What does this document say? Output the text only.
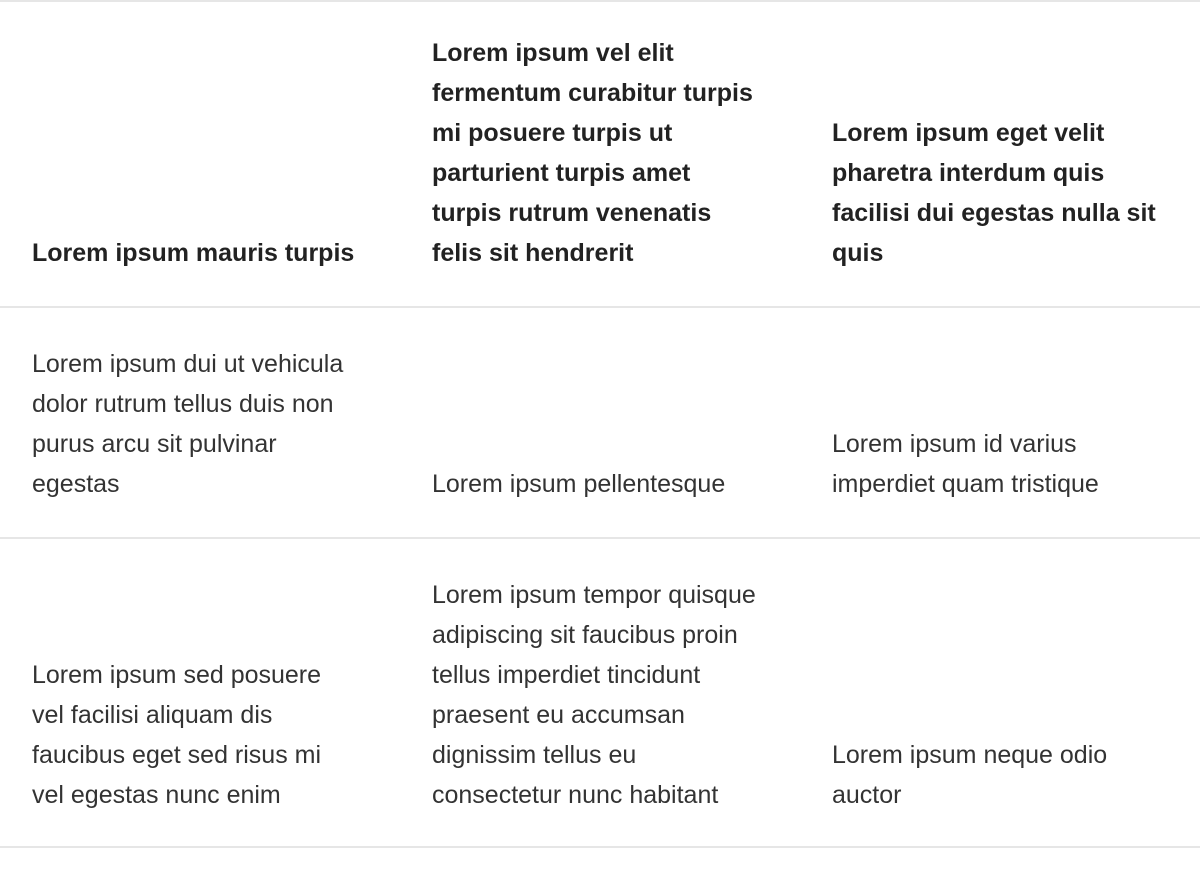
Lorem ipsum mauris turpis	Lorem ipsum vel elit fermentum curabitur turpis mi posuere turpis ut parturient turpis amet turpis rutrum venenatis felis sit hendrerit	Lorem ipsum eget velit pharetra interdum quis facilisi dui egestas nulla sit quis
Lorem ipsum dui ut vehicula dolor rutrum tellus duis non purus arcu sit pulvinar egestas	Lorem ipsum pellentesque	Lorem ipsum id varius imperdiet quam tristique
Lorem ipsum sed posuere vel facilisi aliquam dis faucibus eget sed risus mi vel egestas nunc enim	Lorem ipsum tempor quisque adipiscing sit faucibus proin tellus imperdiet tincidunt praesent eu accumsan dignissim tellus eu consectetur nunc habitant	Lorem ipsum neque odio auctor
